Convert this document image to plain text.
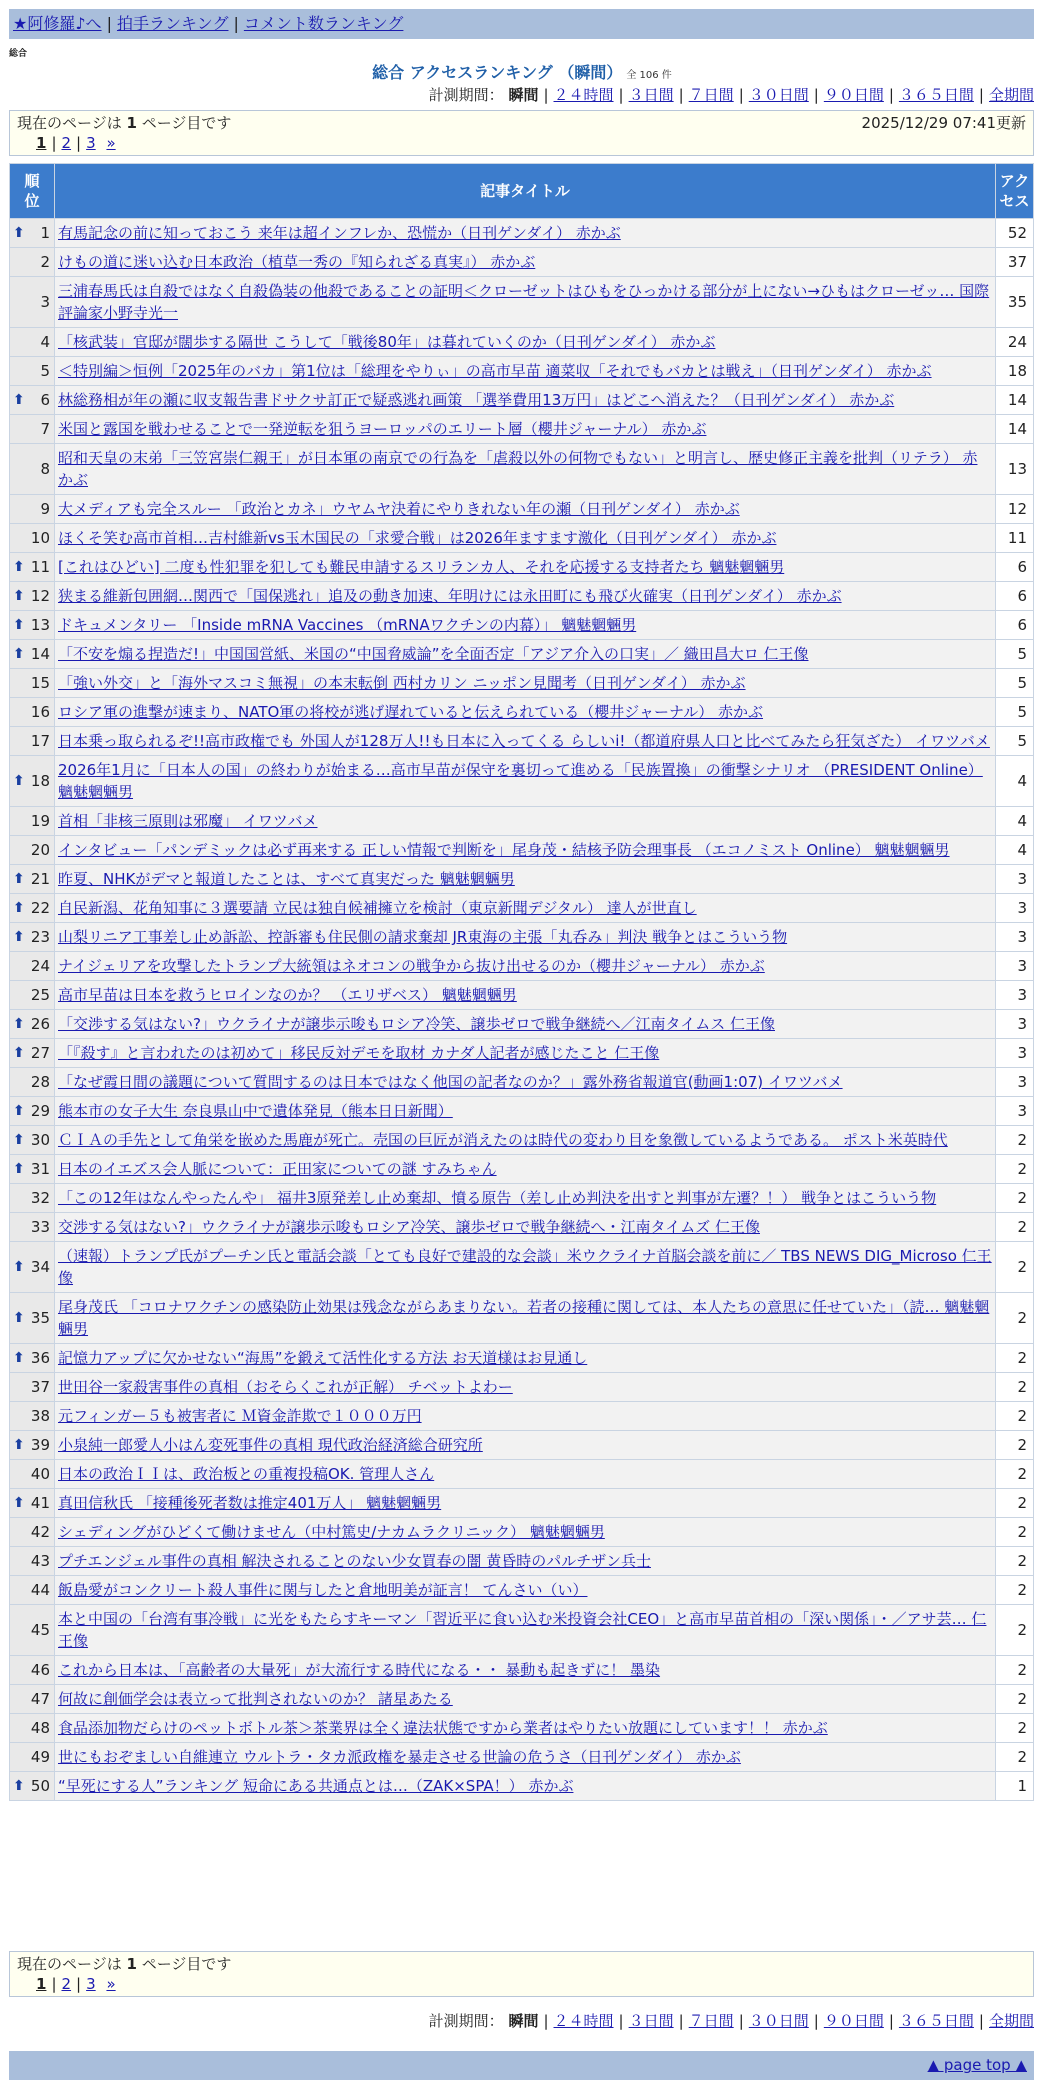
★阿修羅♪へ | 拍手ランキング | コメント数ランキング
総合
総合 アクセスランキング （瞬間） 全 106 件
計測期間： 瞬間 | ２４時間 | ３日間 | ７日間 | ３０日間 | ９０日間 | ３６５日間 | 全期間
現在のページは 1 ページ目です	2025/12/29 07:41更新
1 | 2 | 3 »
順位	記事タイトル	アクセス

⬆ 1	有馬記念の前に知っておこう 来年は超インフレか、恐慌か（日刊ゲンダイ） 赤かぶ	52
2	けもの道に迷い込む日本政治（植草一秀の『知られざる真実』） 赤かぶ	37
3	三浦春馬氏は自殺ではなく自殺偽装の他殺であることの証明＜クローゼットはひもをひっかける部分が上にない→ひもはクローゼッ… 国際評論家小野寺光一	35
4	「核武装」官邸が闊歩する隔世 こうして「戦後80年」は暮れていくのか（日刊ゲンダイ） 赤かぶ	24
5	＜特別編＞恒例「2025年のバカ」第1位は「総理をやりぃ」の高市早苗 適菜収「それでもバカとは戦え」（日刊ゲンダイ） 赤かぶ	18

⬆ 6	林総務相が年の瀬に収支報告書ドサクサ訂正で疑惑逃れ画策 「選挙費用13万円」はどこへ消えた？（日刊ゲンダイ） 赤かぶ	14
7	米国と露国を戦わせることで一発逆転を狙うヨーロッパのエリート層（櫻井ジャーナル） 赤かぶ	14
8	昭和天皇の末弟「三笠宮崇仁親王」が日本軍の南京での行為を「虐殺以外の何物でもない」と明言し、歴史修正主義を批判（リテラ） 赤かぶ	13
9	大メディアも完全スルー 「政治とカネ」ウヤムヤ決着にやりきれない年の瀬（日刊ゲンダイ） 赤かぶ	12
10	ほくそ笑む高市首相…吉村維新vs玉木国民の「求愛合戦」は2026年ますます激化（日刊ゲンダイ） 赤かぶ	11

⬆ 11	[これはひどい] 二度も性犯罪を犯しても難民申請するスリランカ人、それを応援する支持者たち 魑魅魍魎男	6

⬆ 12	狭まる維新包囲網…関西で「国保逃れ」追及の動き加速、年明けには永田町にも飛び火確実（日刊ゲンダイ） 赤かぶ	6

⬆ 13	ドキュメンタリー 「Inside mRNA Vaccines （mRNAワクチンの内幕）」 魑魅魍魎男	6

⬆ 14	「不安を煽る捏造だ!」中国国営紙、米国の“中国脅威論”を全面否定「アジア介入の口実」／ 織田昌大ロ 仁王像	5
15	「強い外交」と「海外マスコミ無視」の本末転倒 西村カリン ニッポン見聞考（日刊ゲンダイ） 赤かぶ	5
16	ロシア軍の進撃が速まり、NATO軍の将校が逃げ遅れていると伝えられている（櫻井ジャーナル） 赤かぶ	5
17	日本乗っ取られるぞ!!高市政権でも 外国人が128万人!!も日本に入ってくる らしいi!（都道府県人口と比べてみたら狂気ざた） イワツバメ	5

⬆ 18	2026年1月に「日本人の国」の終わりが始まる…高市早苗が保守を裏切って進める「民族置換」の衝撃シナリオ （PRESIDENT Online） 魑魅魍魎男	4
19	首相「非核三原則は邪魔」 イワツバメ	4
20	インタビュー「パンデミックは必ず再来する 正しい情報で判断を」尾身茂・結核予防会理事長 （エコノミスト Online） 魑魅魍魎男	4

⬆ 21	昨夏、NHKがデマと報道したことは、すべて真実だった 魑魅魍魎男	3

⬆ 22	自民新潟、花角知事に３選要請 立民は独自候補擁立を検討（東京新聞デジタル） 達人が世直し	3

⬆ 23	山梨リニア工事差し止め訴訟、控訴審も住民側の請求棄却 JR東海の主張「丸呑み」判決 戦争とはこういう物	3
24	ナイジェリアを攻撃したトランプ大統領はネオコンの戦争から抜け出せるのか（櫻井ジャーナル） 赤かぶ	3
25	高市早苗は日本を救うヒロインなのか？ （エリザベス） 魑魅魍魎男	3

⬆ 26	「交渉する気はない?」ウクライナが譲歩示唆もロシア冷笑、譲歩ゼロで戦争継続へ／江南タイムス 仁王像	3

⬆ 27	「『殺す』と言われたのは初めて」移民反対デモを取材 カナダ人記者が感じたこと 仁王像	3
28	「なぜ霞日間の議題について質問するのは日本ではなく他国の記者なのか？」露外務省報道官(動画1:07) イワツバメ	3

⬆ 29	熊本市の女子大生 奈良県山中で遺体発見（熊本日日新聞）	3

⬆ 30	ＣＩＡの手先として角栄を嵌めた馬鹿が死亡。売国の巨匠が消えたのは時代の変わり目を象徴しているようである。 ポスト米英時代	2

⬆ 31	日本のイエズス会人脈について：正田家についての謎 すみちゃん	2
32	「この12年はなんやったんや」 福井3原発差し止め棄却、憤る原告（差し止め判決を出すと判事が左遷？！） 戦争とはこういう物	2
33	交渉する気はない?」ウクライナが譲歩示唆もロシア冷笑、譲歩ゼロで戦争継続へ・江南タイムズ 仁王像	2

⬆ 34	（速報）トランプ氏がプーチン氏と電話会談「とても良好で建設的な会談」米ウクライナ首脳会談を前に／ TBS NEWS DIG_Microso 仁王像	2

⬆ 35	尾身茂氏 「コロナワクチンの感染防止効果は残念ながらあまりない。若者の接種に関しては、本人たちの意思に任せていた」（読… 魑魅魍魎男	2

⬆ 36	記憶力アップに欠かせない“海馬”を鍛えて活性化する方法 お天道様はお見通し	2
37	世田谷一家殺害事件の真相（おそらくこれが正解） チベットよわー	2
38	元フィンガー５も被害者に Ｍ資金詐欺で１０００万円	2

⬆ 39	小泉純一郎愛人小はん変死事件の真相 現代政治経済総合研究所	2
40	日本の政治ＩＩは、政治板との重複投稿OK. 管理人さん	2

⬆ 41	真田信秋氏 「接種後死者数は推定401万人」 魑魅魍魎男	2
42	シェディングがひどくて働けません（中村篤史/ナカムラクリニック） 魑魅魍魎男	2
43	プチエンジェル事件の真相 解決されることのない少女買春の闇 黄昏時のパルチザン兵士	2
44	飯島愛がコンクリート殺人事件に関与したと倉地明美が証言！ てんさい（い）	2
45	本と中国の「台湾有事冷戦」に光をもたらすキーマン「習近平に食い込む米投資会社CEO」と高市早苗首相の「深い関係」・／アサ芸… 仁王像	2
46	これから日本は、「高齢者の大量死」が大流行する時代になる・・ 暴動も起きずに！ 墨染	2
47	何故に創価学会は表立って批判されないのか？ 諸星あたる	2
48	食品添加物だらけのペットボトル茶＞茶業界は全く違法状態ですから業者はやりたい放題にしています！！ 赤かぶ	2
49	世にもおぞましい自維連立 ウルトラ・タカ派政権を暴走させる世論の危うさ（日刊ゲンダイ） 赤かぶ	2

⬆ 50	“早死にする人”ランキング 短命にある共通点とは…（ZAK×SPA！） 赤かぶ	1
現在のページは 1 ページ目です
1 | 2 | 3 »
計測期間： 瞬間 | ２４時間 | ３日間 | ７日間 | ３０日間 | ９０日間 | ３６５日間 | 全期間
▲ page top ▲
